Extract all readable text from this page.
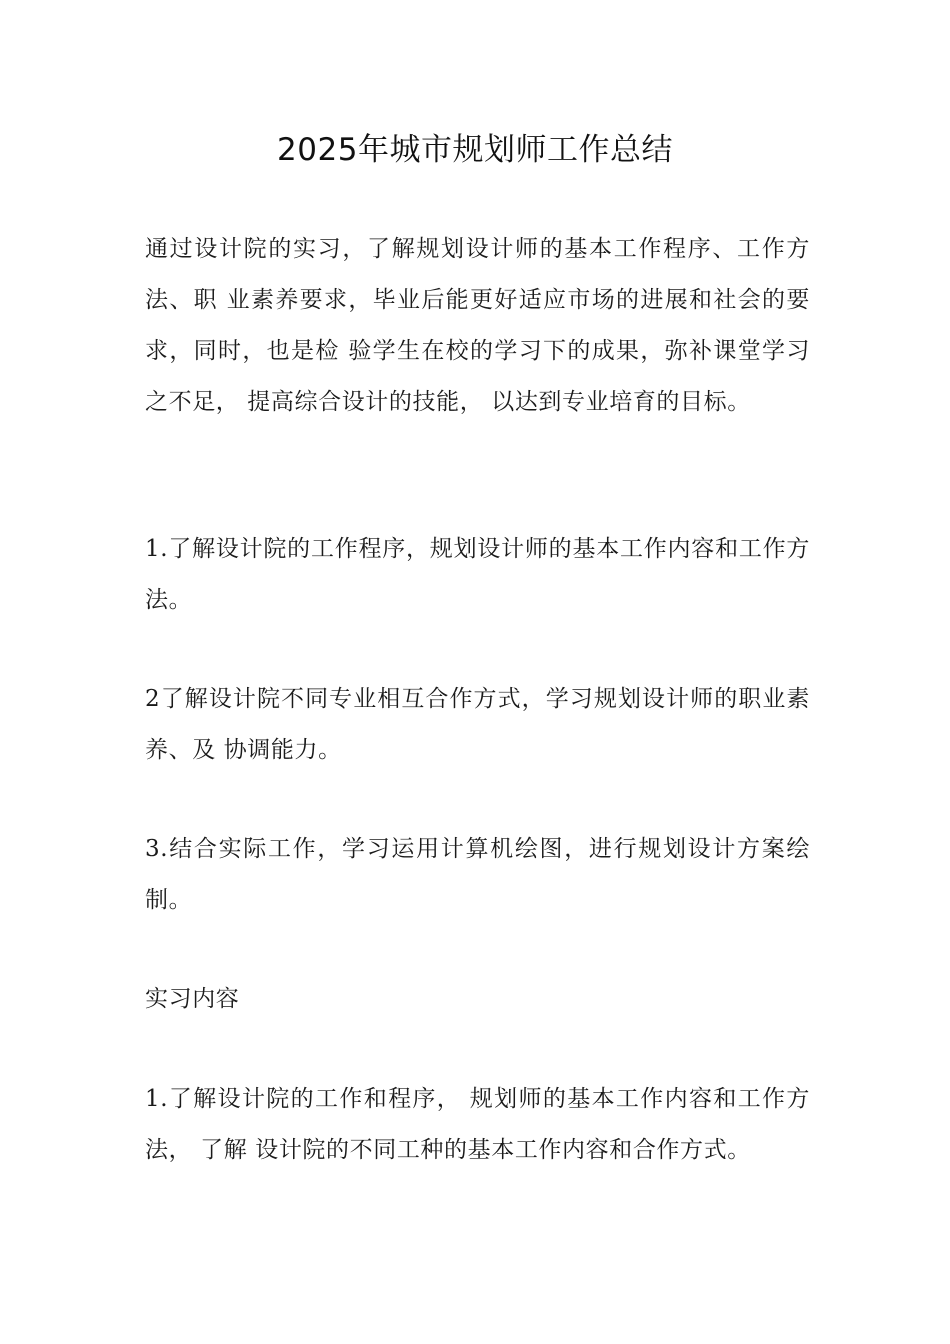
2025年城市规划师工作总结

通过设计院的实习，了解规划设计师的基本工作程序、工作方法、职 业素养要求，毕业后能更好适应市场的进展和社会的要求，同时，也是检 验学生在校的学习下的成果，弥补课堂学习之不足， 提高综合设计的技能， 以达到专业培育的目标。

1.了解设计院的工作程序，规划设计师的基本工作内容和工作方法。

2了解设计院不同专业相互合作方式，学习规划设计师的职业素养、及 协调能力。

3.结合实际工作，学习运用计算机绘图，进行规划设计方案绘制。

实习内容

1.了解设计院的工作和程序， 规划师的基本工作内容和工作方法， 了解 设计院的不同工种的基本工作内容和合作方式。
